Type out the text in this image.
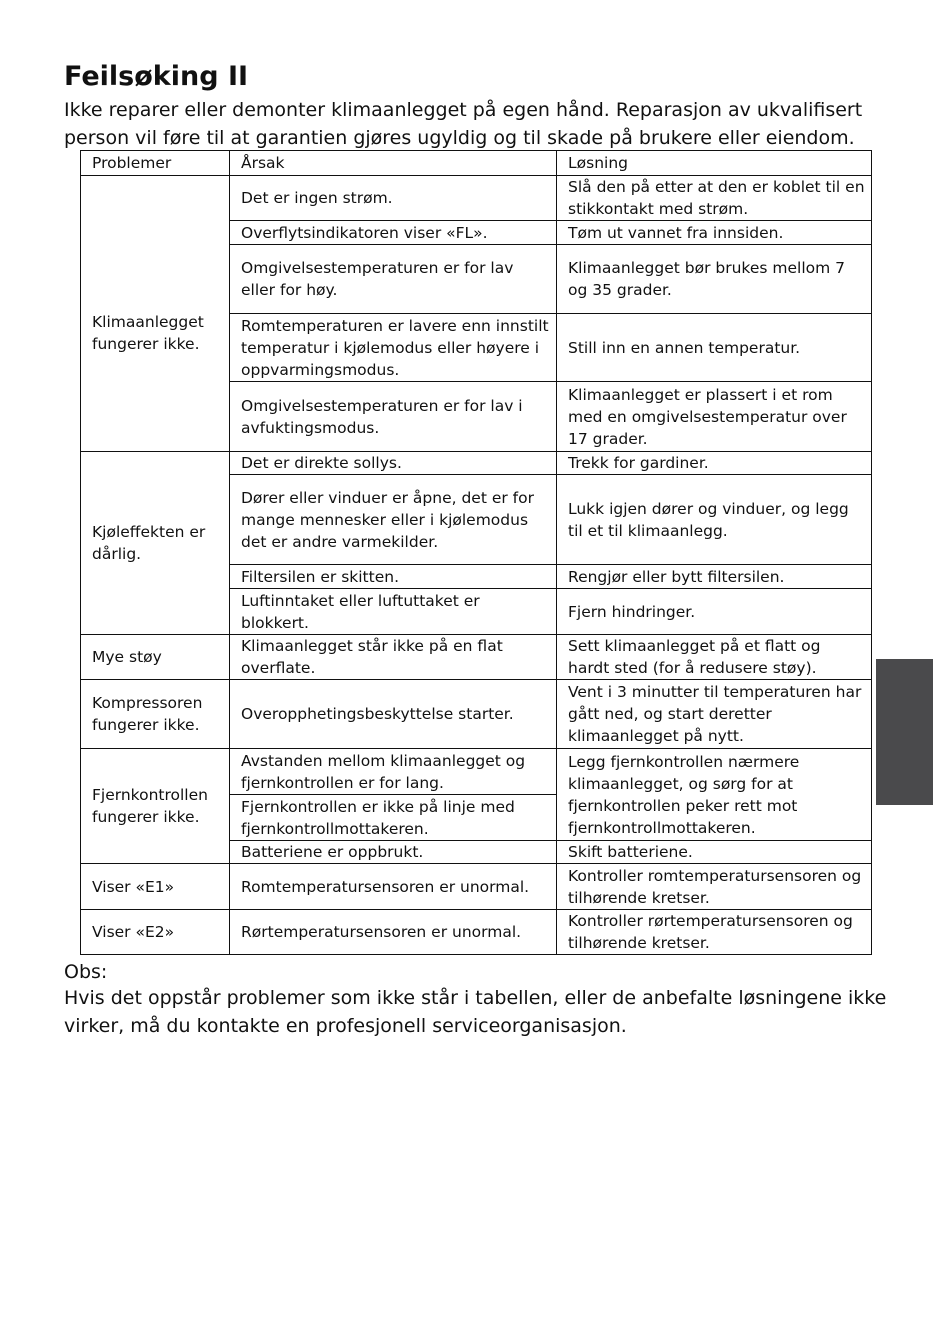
Feilsøking II
Ikke reparer eller demonter klimaanlegget på egen hånd. Reparasjon av ukvalifisert person vil føre til at garantien gjøres ugyldig og til skade på brukere eller eiendom.
Problemer	Årsak	Løsning
Klimaanlegget fungerer ikke.	Det er ingen strøm.	Slå den på etter at den er koblet til en stikkontakt med strøm.
	Overflytsindikatoren viser «FL».	Tøm ut vannet fra innsiden.
	Omgivelsestemperaturen er for lav eller for høy.	Klimaanlegget bør brukes mellom 7 og 35 grader.
	Romtemperaturen er lavere enn innstilt temperatur i kjølemodus eller høyere i oppvarmingsmodus.	Still inn en annen temperatur.
	Omgivelsestemperaturen er for lav i avfuktingsmodus.	Klimaanlegget er plassert i et rom med en omgivelsestemperatur over 17 grader.
Kjøleffekten er dårlig.	Det er direkte sollys.	Trekk for gardiner.
	Dører eller vinduer er åpne, det er for mange mennesker eller i kjølemodus det er andre varmekilder.	Lukk igjen dører og vinduer, og legg til et til klimaanlegg.
	Filtersilen er skitten.	Rengjør eller bytt filtersilen.
	Luftinntaket eller luftuttaket er blokkert.	Fjern hindringer.
Mye støy	Klimaanlegget står ikke på en flat overflate.	Sett klimaanlegget på et flatt og hardt sted (for å redusere støy).
Kompressoren fungerer ikke.	Overopphetingsbeskyttelse starter.	Vent i 3 minutter til temperaturen har gått ned, og start deretter klimaanlegget på nytt.
Fjernkontrollen fungerer ikke.	Avstanden mellom klimaanlegget og fjernkontrollen er for lang.	Legg fjernkontrollen nærmere klimaanlegget, og sørg for at fjernkontrollen peker rett mot fjernkontrollmottakeren.
	Fjernkontrollen er ikke på linje med fjernkontrollmottakeren.	
	Batteriene er oppbrukt.	Skift batteriene.
Viser «E1»	Romtemperatursensoren er unormal.	Kontroller romtemperatursensoren og tilhørende kretser.
Viser «E2»	Rørtemperatursensoren er unormal.	Kontroller rørtemperatursensoren og tilhørende kretser.
Obs:
Hvis det oppstår problemer som ikke står i tabellen, eller de anbefalte løsningene ikke virker, må du kontakte en profesjonell serviceorganisasjon.
